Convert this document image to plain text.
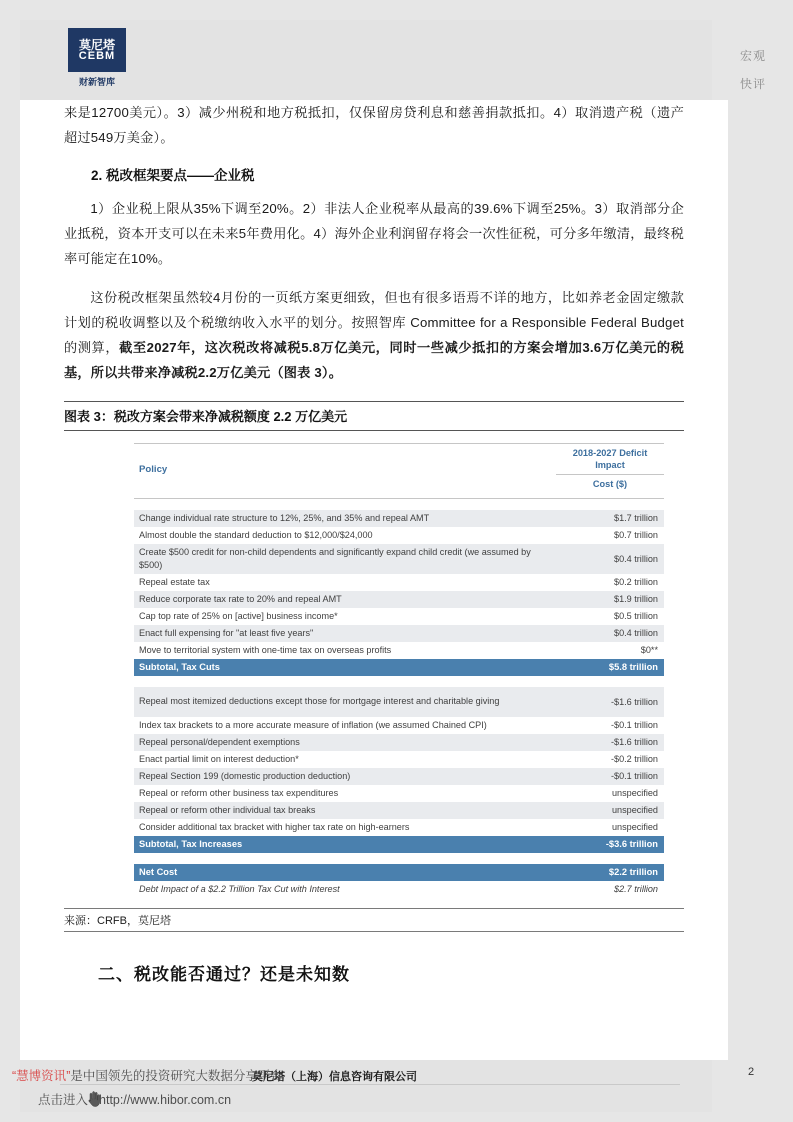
宏观
快评
莫尼塔
CEBM
财新智库

来是12700美元）。3）减少州税和地方税抵扣，仅保留房贷利息和慈善捐款抵扣。4）取消遗产税（遗产超过549万美金）。

2. 税改框架要点——企业税

1）企业税上限从35%下调至20%。2）非法人企业税率从最高的39.6%下调至25%。3）取消部分企业抵税，资本开支可以在未来5年费用化。4）海外企业利润留存将会一次性征税，可分多年缴清，最终税率可能定在10%。

这份税改框架虽然较4月份的一页纸方案更细致，但也有很多语焉不详的地方，比如养老金固定缴款计划的税收调整以及个税缴纳收入水平的划分。按照智库 Committee for a Responsible Federal Budget 的测算，截至2027年，这次税改将减税5.8万亿美元，同时一些减少抵扣的方案会增加3.6万亿美元的税基，所以共带来净减税2.2万亿美元（图表 3）。

图表 3：税改方案会带来净减税额度 2.2 万亿美元
Policy	2018-2027 Deficit
Impact
Cost ($)

Change individual rate structure to 12%, 25%, and 35% and repeal AMT	$1.7 trillion
Almost double the standard deduction to $12,000/$24,000	$0.7 trillion
Create $500 credit for non-child dependents and significantly expand child credit (we assumed by $500)	$0.4 trillion
Repeal estate tax	$0.2 trillion
Reduce corporate tax rate to 20% and repeal AMT	$1.9 trillion
Cap top rate of 25% on [active] business income*	$0.5 trillion
Enact full expensing for "at least five years"	$0.4 trillion
Move to territorial system with one-time tax on overseas profits	$0**
Subtotal, Tax Cuts	$5.8 trillion

Repeal most itemized deductions except those for mortgage interest and charitable giving	-$1.6 trillion
Index tax brackets to a more accurate measure of inflation (we assumed Chained CPI)	-$0.1 trillion
Repeal personal/dependent exemptions	-$1.6 trillion
Enact partial limit on interest deduction*	-$0.2 trillion
Repeal Section 199 (domestic production deduction)	-$0.1 trillion
Repeal or reform other business tax expenditures	unspecified
Repeal or reform other individual tax breaks	unspecified
Consider additional tax bracket with higher tax rate on high-earners	unspecified
Subtotal, Tax Increases	-$3.6 trillion

Net Cost	$2.2 trillion
Debt Impact of a $2.2 Trillion Tax Cut with Interest	$2.7 trillion
来源：CRFB，莫尼塔
二、税改能否通过？还是未知数
莫尼塔（上海）信息咨询有限公司
“慧博资讯”是中国领先的投资研究大数据分享平台
点击进入 http://www.hibor.com.cn
2
